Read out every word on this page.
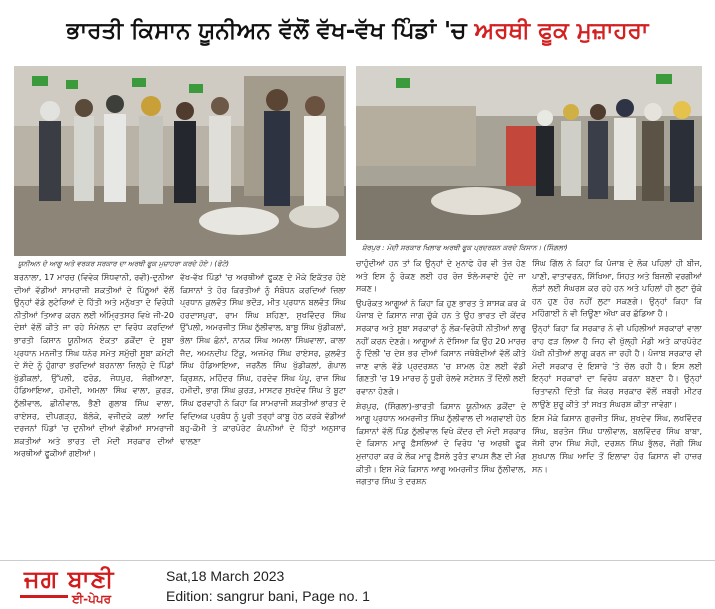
ਭਾਰਤੀ ਕਿਸਾਨ ਯੂਨੀਅਨ ਵੱਲੋਂ ਵੱਖ-ਵੱਖ ਪਿੰਡਾਂ 'ਚ ਅਰਥੀ ਫੂਕ ਮੁਜ਼ਾਹਰਾ
ਯੂਨੀਅਨ ਦੇ ਆਗੂ ਅਤੇ ਵਰਕਰ ਸਰਕਾਰ ਦਾ ਅਰਥੀ ਫੂਕ ਮੁਜ਼ਾਹਰਾ ਕਰਦੇ ਹੋਏ। (ਫੋਟੋ)
ਸ਼ੇਰਪੁਰ : ਮੋਦੀ ਸਰਕਾਰ ਖਿਲਾਫ ਅਰਥੀ ਫੂਕ ਪ੍ਰਦਰਸ਼ਨ ਕਰਦੇ ਕਿਸਾਨ। (ਸਿੰਗਲਾ)

ਬਰਨਾਲਾ, 17 ਮਾਰਚ (ਵਿਵੇਕ ਸਿੰਧਵਾਨੀ, ਰਵੀ)-ਦੁਨੀਆ ਦੀਆਂ ਵੱਡੀਆਂ ਸਾਮਰਾਜੀ ਸ਼ਕਤੀਆਂ ਦੇ ਪਿੱਠੂਆਂ ਵੱਲੋਂ ਉਨ੍ਹਾਂ ਵੱਡੇ ਲੁਟੇਰਿਆਂ ਦੇ ਹਿੱਤੀ ਅਤੇ ਮਨੁੱਖਤਾ ਦੇ ਵਿਰੋਧੀ ਨੀਤੀਆਂ ਤਿਆਰ ਕਰਨ ਲਈ ਅੰਮ੍ਰਿਤਸਰ ਵਿਖੇ ਜੀ-20 ਦੇਸ਼ਾਂ ਵੱਲੋਂ ਕੀਤੇ ਜਾ ਰਹੇ ਸੰਮੇਲਨ ਦਾ ਵਿਰੋਧ ਕਰਦਿਆਂ ਭਾਰਤੀ ਕਿਸਾਨ ਯੂਨੀਅਨ ਏਕਤਾ ਡਕੌਂਦਾ ਦੇ ਸੂਬਾ ਪ੍ਰਧਾਨ ਮਨਜੀਤ ਸਿੰਘ ਧਨੇਰ ਸਮੇਤ ਸਮੁੱਚੀ ਸੂਬਾ ਕਮੇਟੀ ਦੇ ਸੱਦੇ ਨੂੰ ਹੁੰਗਾਰਾ ਭਰਦਿਆਂ ਬਰਨਾਲਾ ਜ਼ਿਲ੍ਹੇ ਦੇ ਪਿੰਡਾਂ ਖੁੱਡੀਕਲਾਂ, ਉੱਪਲੀ, ਫਰੋਡ, ਜੋਧਪੁਰ, ਜੰਗੀਆਣਾ, ਹੰਡਿਆਇਆ, ਹਮੀਦੀ, ਅਮਲਾ ਸਿੰਘ ਵਾਲਾ, ਕੁਰੜ, ਠੁੱਲੀਵਾਲ, ਛੀਨੀਵਾਲ, ਭੈਣੀ ਗੁਲਾਬ ਸਿੰਘ ਵਾਲਾ, ਰਾਏਸਰ, ਦੀਪਗੜ੍ਹ, ਬੱਲੋਕੇ, ਵਜੀਦਕੇ ਕਲਾਂ ਆਦਿ ਦਰਜਨਾਂ ਪਿੰਡਾਂ 'ਚ ਦੁਨੀਆਂ ਦੀਆਂ ਵੱਡੀਆਂ ਸਾਮਰਾਜੀ ਸ਼ਕਤੀਆਂ ਅਤੇ ਭਾਰਤ ਦੀ ਮੋਦੀ ਸਰਕਾਰ ਦੀਆਂ ਅਰਥੀਆਂ ਫੂਕੀਆਂ ਗਈਆਂ।

ਵੱਖ-ਵੱਖ ਪਿੰਡਾਂ 'ਚ ਅਰਥੀਆਂ ਫੂਕਣ ਦੇ ਮੌਕੇ ਇਕੱਤਰ ਹੋਏ ਕਿਸਾਨਾਂ ਤੇ ਹੋਰ ਕਿਰਤੀਆਂ ਨੂੰ ਸੰਬੋਧਨ ਕਰਦਿਆਂ ਜ਼ਿਲਾ ਪ੍ਰਧਾਨ ਕੁਲਵੰਤ ਸਿੰਘ ਭਦੌੜ, ਮੀਤ ਪ੍ਰਧਾਨ ਬਲਵੰਤ ਸਿੰਘ ਹਰਦਾਸਪੁਰਾ, ਰਾਮ ਸਿੰਘ ਸ਼ਹਿਣਾ, ਸੁਖਵਿੰਦਰ ਸਿੰਘ ਉੱਪਲੀ, ਅਮਰਜੀਤ ਸਿੰਘ ਠੁੱਲੀਵਾਲ, ਬਾਬੂ ਸਿੰਘ ਖੁੱਡੀਕਲਾਂ, ਭੋਲਾ ਸਿੰਘ ਛੰਨਾਂ, ਨਾਨਕ ਸਿੰਘ ਅਮਲਾ ਸਿੰਘਵਾਲਾ, ਕਾਲਾ ਜੈਦ, ਅਮਨਦੀਪ ਟਿੱਕੂ, ਅਜਮੇਰ ਸਿੰਘ ਰਾਏਸਰ, ਕੁਲਵੰਤ ਸਿੰਘ ਹੰਡਿਆਇਆ, ਜਰਨੈਲ ਸਿੰਘ ਖੁੱਡੀਕਲਾਂ, ਗੋਪਾਲ ਕ੍ਰਿਸ਼ਨ, ਮਹਿੰਦਰ ਸਿੰਘ, ਹਰਦੇਵ ਸਿੰਘ ਪੱਪੂ, ਰਾਜ ਸਿੰਘ ਹਮੀਦੀ, ਭਾਗ ਸਿੰਘ ਕੁਰੜ, ਮਾਸਟਰ ਸੁਖਦੇਵ ਸਿੰਘ ਤੇ ਬੂਟਾ ਸਿੰਘ ਫਰਵਾਹੀ ਨੇ ਕਿਹਾ ਕਿ ਸਾਮਰਾਜੀ ਸ਼ਕਤੀਆਂ ਭਾਰਤ ਦੇ ਵਿਦਿਅਕ ਪ੍ਰਬੰਧ ਨੂੰ ਪੂਰੀ ਤਰ੍ਹਾਂ ਕਾਬੂ ਹੇਠ ਕਰਕੇ ਵੱਡੀਆਂ ਬਹੁ-ਕੌਮੀ ਤੇ ਕਾਰਪੋਰੇਟ ਕੰਪਨੀਆਂ ਦੇ ਹਿੱਤਾਂ ਅਨੁਸਾਰ ਢਾਲਣਾ

ਚਾਹੁੰਦੀਆਂ ਹਨ ਤਾਂ ਕਿ ਉਨ੍ਹਾਂ ਦੇ ਮੁਨਾਫੇ ਹੋਰ ਵੀ ਤੇਜ਼ ਹੋਣ ਅਤੇ ਇਸ ਨੂੰ ਰੋਕਣ ਲਈ ਹਰ ਰੋਜ਼ ਝੋਲੇ-ਸਵਾਏ ਹੁੰਦੇ ਜਾ ਸਕਣ।

ਉਪਰੋਕਤ ਆਗੂਆਂ ਨੇ ਕਿਹਾ ਕਿ ਹੁਣ ਭਾਰਤ ਤੇ ਸ਼ਾਸਕ ਕਰ ਕੇ ਪੰਜਾਬ ਦੇ ਕਿਸਾਨ ਜਾਗ ਚੁੱਕੇ ਹਨ ਤੇ ਉਹ ਭਾਰਤ ਦੀ ਕੇਂਦਰ ਸਰਕਾਰ ਅਤੇ ਸੂਬਾ ਸਰਕਾਰਾਂ ਨੂੰ ਲੋਕ-ਵਿਰੋਧੀ ਨੀਤੀਆਂ ਲਾਗੂ ਨਹੀਂ ਕਰਨ ਦੇਣਗੇ। ਆਗੂਆਂ ਨੇ ਦੱਸਿਆ ਕਿ ਉਹ 20 ਮਾਰਚ ਨੂੰ ਦਿੱਲੀ 'ਚ ਦੇਸ਼ ਭਰ ਦੀਆਂ ਕਿਸਾਨ ਜਥੇਬੰਦੀਆਂ ਵੱਲੋਂ ਕੀਤੇ ਜਾਣ ਵਾਲੇ ਵੱਡੇ ਪ੍ਰਦਰਸ਼ਨ 'ਚ ਸ਼ਾਮਲ ਹੋਣ ਲਈ ਵੱਡੀ ਗਿਣਤੀ 'ਚ 19 ਮਾਰਚ ਨੂੰ ਧੂਰੀ ਰੇਲਵੇ ਸਟੇਸ਼ਨ ਤੋਂ ਦਿੱਲੀ ਲਈ ਰਵਾਨਾ ਹੋਣਗੇ।

ਸ਼ੇਰਪੁਰ, (ਸਿੰਗਲਾ)-ਭਾਰਤੀ ਕਿਸਾਨ ਯੂਨੀਅਨ ਡਕੌਂਦਾ ਦੇ ਆਗੂ ਪ੍ਰਧਾਨ ਅਮਰਜੀਤ ਸਿੰਘ ਠੁੱਲੀਵਾਲ ਦੀ ਅਗਵਾਈ ਹੇਠ ਕਿਸਾਨਾਂ ਵੱਲੋਂ ਪਿੰਡ ਠੁੱਲੀਵਾਲ ਵਿਖੇ ਕੇਂਦਰ ਦੀ ਮੋਦੀ ਸਰਕਾਰ ਦੇ ਕਿਸਾਨ ਮਾਰੂ ਫ਼ੈਸਲਿਆਂ ਦੇ ਵਿਰੋਧ 'ਚ ਅਰਥੀ ਫੂਕ ਮੁਜ਼ਾਹਰਾ ਕਰ ਕੇ ਲੋਕ ਮਾਰੂ ਫ਼ੈਸਲੇ ਤੁਰੰਤ ਵਾਪਸ ਲੈਣ ਦੀ ਮੰਗ ਕੀਤੀ। ਇਸ ਮੌਕੇ ਕਿਸਾਨ ਆਗੂ ਅਮਰਜੀਤ ਸਿੰਘ ਠੁੱਲੀਵਾਲ, ਜਗਤਾਰ ਸਿੰਘ ਤੇ ਦਰਸ਼ਨ

ਸਿੰਘ ਗਿੱਲ ਨੇ ਕਿਹਾ ਕਿ ਪੰਜਾਬ ਦੇ ਲੋਕ ਪਹਿਲਾਂ ਹੀ ਬੀਜ, ਪਾਣੀ, ਵਾਤਾਵਰਨ, ਸਿੱਖਿਆ, ਸਿਹਤ ਅਤੇ ਬਿਜਲੀ ਵਰਗੀਆਂ ਲੋੜਾਂ ਲਈ ਸੰਘਰਸ਼ ਕਰ ਰਹੇ ਹਨ ਅਤੇ ਪਹਿਲਾਂ ਹੀ ਲੁਟਾ ਚੁੱਕੇ ਹਨ ਹੁਣ ਹੋਰ ਨਹੀਂ ਲੁਟਾ ਸਕਣਗੇ। ਉਨ੍ਹਾਂ ਕਿਹਾ ਕਿ ਮਹਿੰਗਾਈ ਨੇ ਵੀ ਜ਼ਿਊਣਾ ਔਖਾ ਕਰ ਛੱਡਿਆ ਹੈ।

ਉਨ੍ਹਾਂ ਕਿਹਾ ਕਿ ਸਰਕਾਰ ਨੇ ਵੀ ਪਹਿਲੀਆਂ ਸਰਕਾਰਾਂ ਵਾਲਾ ਰਾਹ ਫੜ ਲਿਆ ਹੈ ਜਿਹ ਵੀ ਖੁੱਲ੍ਹੀ ਮੰਡੀ ਅਤੇ ਕਾਰਪੋਰੇਟ ਪੱਖੀ ਨੀਤੀਆਂ ਲਾਗੂ ਕਰਨ ਜਾ ਰਹੀ ਹੈ। ਪੰਜਾਬ ਸਰਕਾਰ ਵੀ ਮੋਦੀ ਸਰਕਾਰ ਦੇ ਇਸ਼ਾਰੇ 'ਤੇ ਚੱਲ ਰਹੀ ਹੈ। ਇਸ ਲਈ ਇਨ੍ਹਾਂ ਸਰਕਾਰਾਂ ਦਾ ਵਿਰੋਧ ਕਰਨਾ ਬਣਦਾ ਹੈ। ਉਨ੍ਹਾਂ ਚਿਤਾਵਨੀ ਦਿੱਤੀ ਕਿ ਜੇਕਰ ਸਰਕਾਰ ਵੱਲੋਂ ਜਬਰੀ ਮੀਟਰ ਲਾਉਣੇ ਸ਼ੁਰੂ ਕੀਤੇ ਤਾਂ ਸਖ਼ਤ ਸੰਘਰਸ਼ ਕੀਤਾ ਜਾਵੇਗਾ।

ਇਸ ਮੌਕੇ ਕਿਸਾਨ ਗੁਰਜੀਤ ਸਿੰਘ, ਸੁਖਦੇਵ ਸਿੰਘ, ਲਖਵਿੰਦਰ ਸਿੰਘ, ਬਰਤੇਜ ਸਿੰਘ ਧਾਲੀਵਾਲ, ਬਲਵਿੰਦਰ ਸਿੰਘ ਬਾਬਾ, ਜੱਸੀ ਰਾਮ ਸਿੰਘ ਸੋਹੀ, ਦਰਸ਼ਨ ਸਿੰਘ ਭੁੱਲਰ, ਜੱਗੀ ਸਿੰਘ ਸੁਖਪਾਲ ਸਿੰਘ ਆਦਿ ਤੋਂ ਇਲਾਵਾ ਹੋਰ ਕਿਸਾਨ ਵੀ ਹਾਜ਼ਰ ਸਨ।

ਜਗ ਬਾਣੀ
ਈ-ਪੇਪਰ
Sat,18 March 2023
Edition: sangrur bani, Page no. 1
